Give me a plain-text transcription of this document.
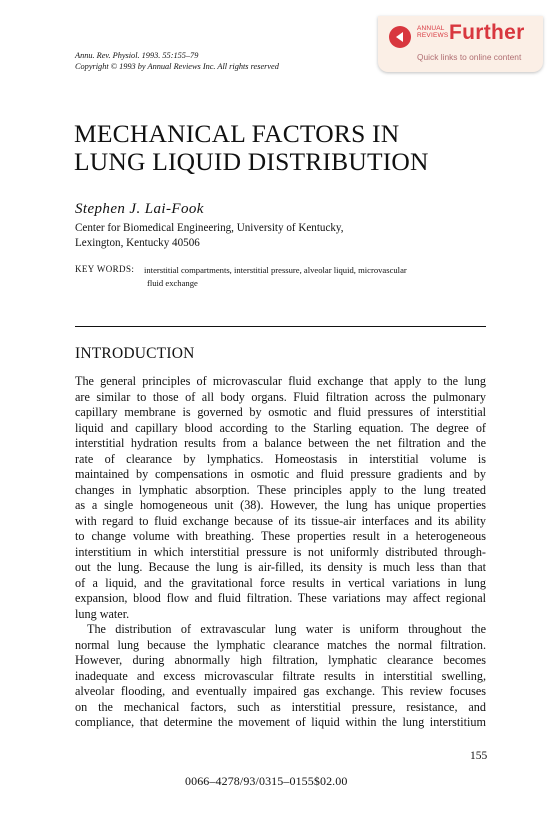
ANNUAL
REVIEWS Further
Quick links to online content
Annu. Rev. Physiol. 1993. 55:155–79
Copyright © 1993 by Annual Reviews Inc. All rights reserved
MECHANICAL FACTORS IN
LUNG LIQUID DISTRIBUTION
Stephen J. Lai-Fook
Center for Biomedical Engineering, University of Kentucky,
Lexington, Kentucky 40506
KEY WORDS: interstitial compartments, interstitial pressure, alveolar liquid, microvascular
fluid exchange
INTRODUCTION
The general principles of microvascular fluid exchange that apply to the lung
are similar to those of all body organs. Fluid filtration across the pulmonary
capillary membrane is governed by osmotic and fluid pressures of interstitial
liquid and capillary blood according to the Starling equation. The degree of
interstitial hydration results from a balance between the net filtration and the
rate of clearance by lymphatics. Homeostasis in interstitial volume is
maintained by compensations in osmotic and fluid pressure gradients and by
changes in lymphatic absorption. These principles apply to the lung treated
as a single homogeneous unit (38). However, the lung has unique properties
with regard to fluid exchange because of its tissue-air interfaces and its ability
to change volume with breathing. These properties result in a heterogeneous
interstitium in which interstitial pressure is not uniformly distributed through-
out the lung. Because the lung is air-filled, its density is much less than that
of a liquid, and the gravitational force results in vertical variations in lung
expansion, blood flow and fluid filtration. These variations may affect regional
lung water.
The distribution of extravascular lung water is uniform throughout the
normal lung because the lymphatic clearance matches the normal filtration.
However, during abnormally high filtration, lymphatic clearance becomes
inadequate and excess microvascular filtrate results in interstitial swelling,
alveolar flooding, and eventually impaired gas exchange. This review focuses
on the mechanical factors, such as interstitial pressure, resistance, and
compliance, that determine the movement of liquid within the lung interstitium
155
0066–4278/93/0315–0155$02.00
